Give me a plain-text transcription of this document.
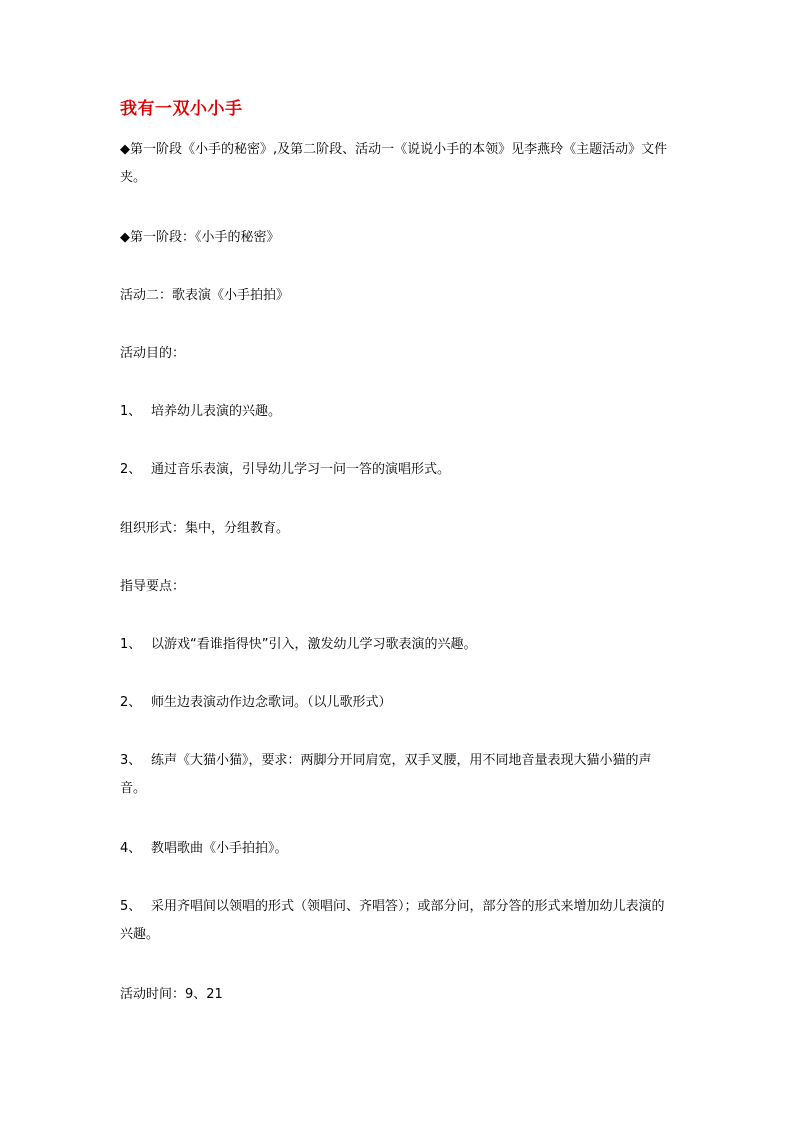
我有一双小小手
◆第一阶段《小手的秘密》,及第二阶段、活动一《说说小手的本领》见李燕玲《主题活动》文件夹。
◆第一阶段：《小手的秘密》
活动二：歌表演《小手拍拍》
活动目的：
1、 培养幼儿表演的兴趣。
2、 通过音乐表演，引导幼儿学习一问一答的演唱形式。
组织形式：集中，分组教育。
指导要点：
1、 以游戏“看谁指得快”引入，激发幼儿学习歌表演的兴趣。
2、 师生边表演动作边念歌词。（以儿歌形式）
3、 练声《大猫小猫》，要求：两脚分开同肩宽，双手叉腰，用不同地音量表现大猫小猫的声音。
4、 教唱歌曲《小手拍拍》。
5、 采用齐唱间以领唱的形式（领唱问、齐唱答）；或部分问，部分答的形式来增加幼儿表演的兴趣。
活动时间：9、21
